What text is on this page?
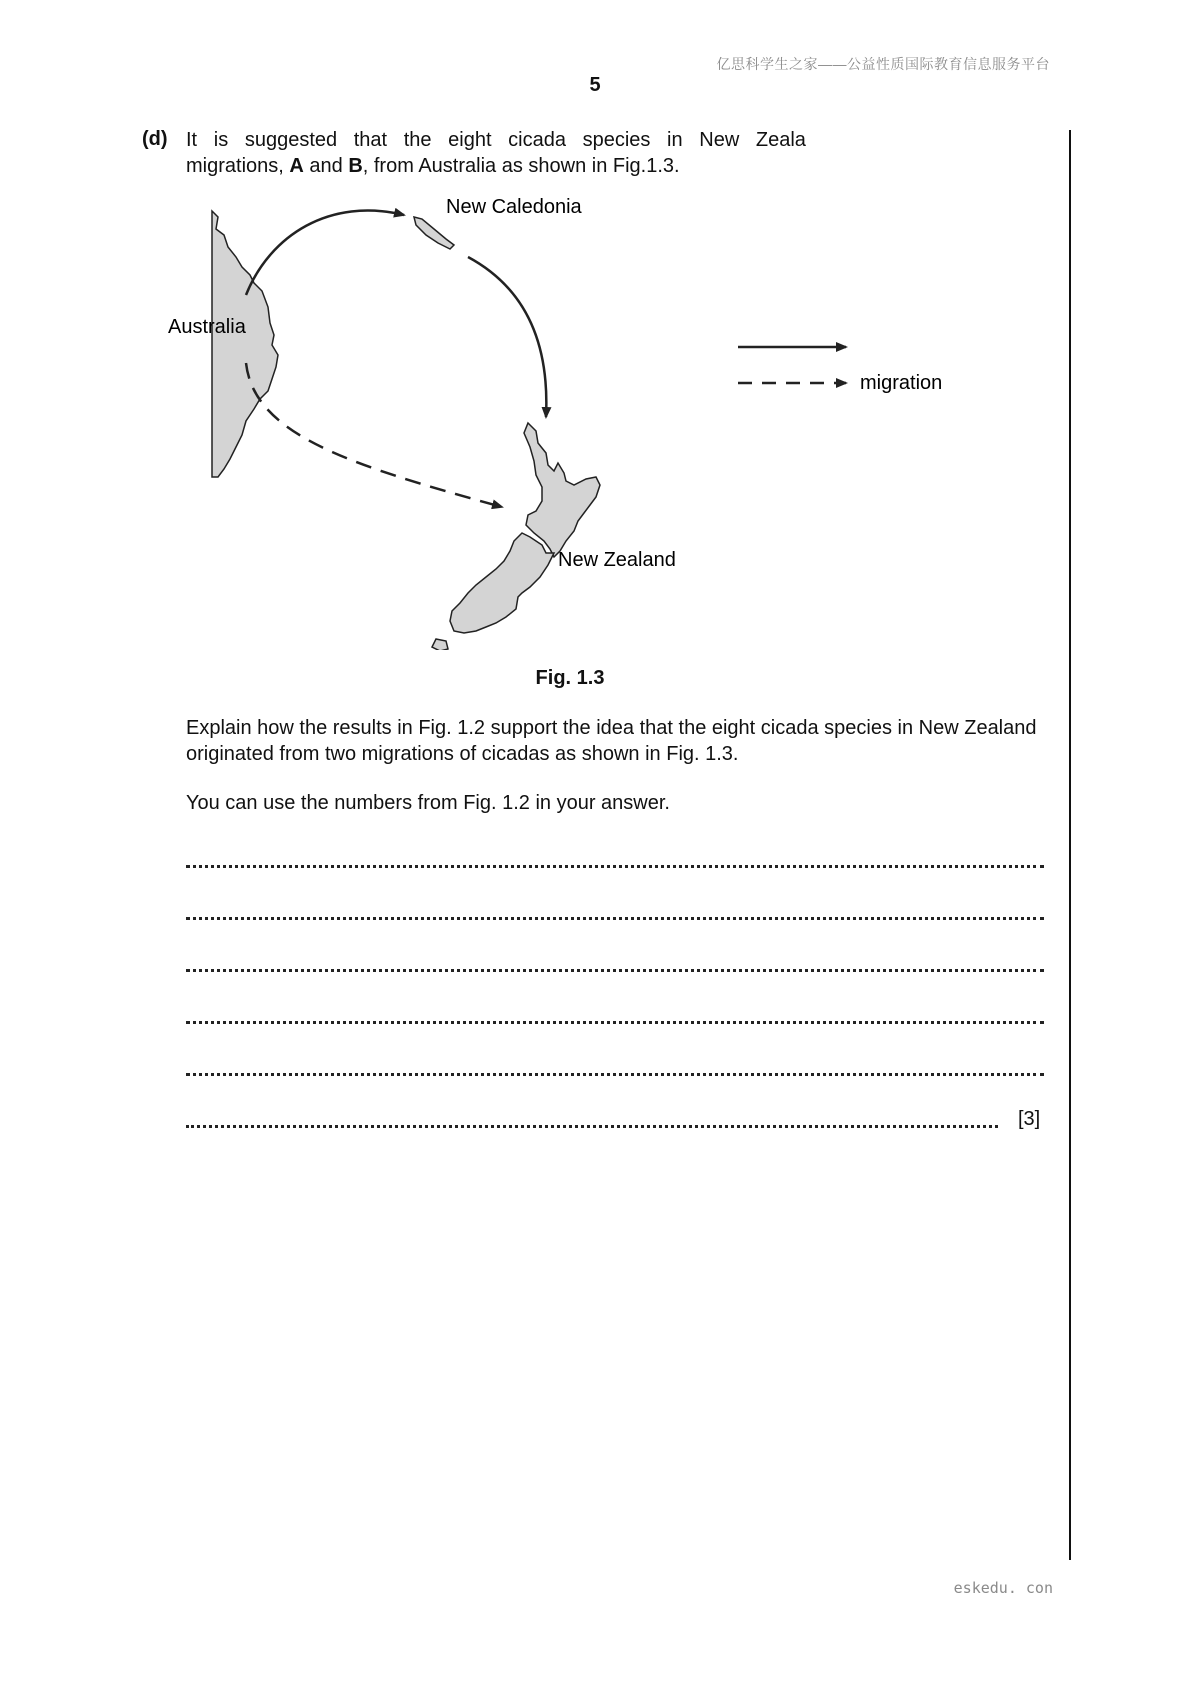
亿思科学生之家——公益性质国际教育信息服务平台
5
(d) It is suggested that the eight cicada species in New Zeala
migrations, A and B, from Australia as shown in Fig.1.3.
Australia
New Caledonia
New Zealand
migration
Fig. 1.3
Explain how the results in Fig. 1.2 support the idea that the eight cicada species in New Zealand originated from two migrations of cicadas as shown in Fig. 1.3.
You can use the numbers from Fig. 1.2 in your answer.
[3]
eskedu. con
